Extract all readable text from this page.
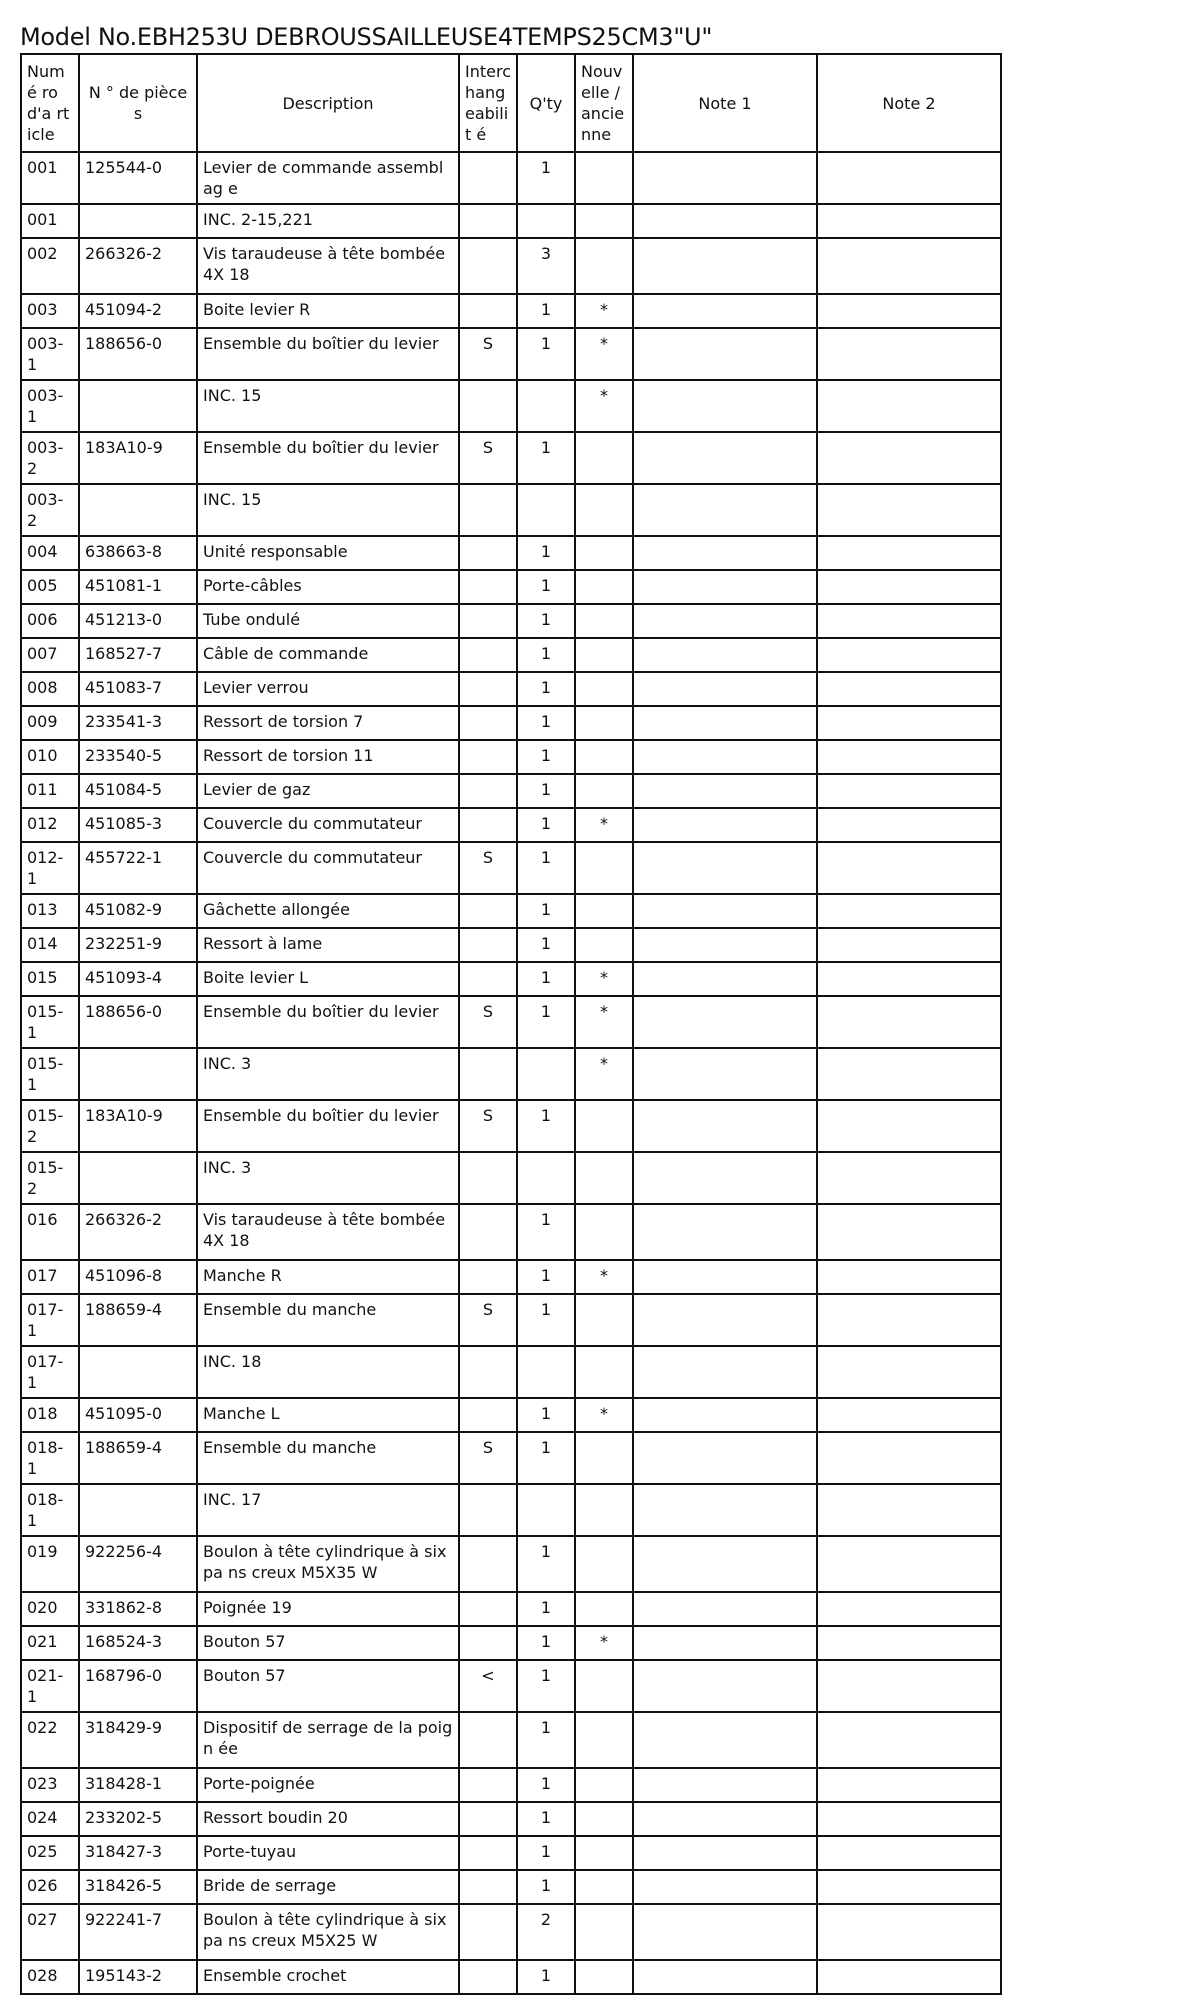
Model No.EBH253U DEBROUSSAILLEUSE4TEMPS25CM3"U"
Numé ro d'a rticle	N ° de pièces	Description	Interc hang eabilit é	Q'ty	Nouv elle / ancie nne	Note 1	Note 2
001	125544-0	Levier de commande assemblag e		1			
001		INC. 2-15,221					
002	266326-2	Vis taraudeuse à tête bombée 4X 18		3			
003	451094-2	Boite levier R		1	*		
003-1	188656-0	Ensemble du boîtier du levier	S	1	*		
003-1		INC. 15			*		
003-2	183A10-9	Ensemble du boîtier du levier	S	1			
003-2		INC. 15					
004	638663-8	Unité responsable		1			
005	451081-1	Porte-câbles		1			
006	451213-0	Tube ondulé		1			
007	168527-7	Câble de commande		1			
008	451083-7	Levier verrou		1			
009	233541-3	Ressort de torsion 7		1			
010	233540-5	Ressort de torsion 11		1			
011	451084-5	Levier de gaz		1			
012	451085-3	Couvercle du commutateur		1	*		
012-1	455722-1	Couvercle du commutateur	S	1			
013	451082-9	Gâchette allongée		1			
014	232251-9	Ressort à lame		1			
015	451093-4	Boite levier L		1	*		
015-1	188656-0	Ensemble du boîtier du levier	S	1	*		
015-1		INC. 3			*		
015-2	183A10-9	Ensemble du boîtier du levier	S	1			
015-2		INC. 3					
016	266326-2	Vis taraudeuse à tête bombée 4X 18		1			
017	451096-8	Manche R		1	*		
017-1	188659-4	Ensemble du manche	S	1			
017-1		INC. 18					
018	451095-0	Manche L		1	*		
018-1	188659-4	Ensemble du manche	S	1			
018-1		INC. 17					
019	922256-4	Boulon à tête cylindrique à six pa ns creux M5X35 W		1			
020	331862-8	Poignée 19		1			
021	168524-3	Bouton 57		1	*		
021-1	168796-0	Bouton 57	<	1			
022	318429-9	Dispositif de serrage de la poign ée		1			
023	318428-1	Porte-poignée		1			
024	233202-5	Ressort boudin 20		1			
025	318427-3	Porte-tuyau		1			
026	318426-5	Bride de serrage		1			
027	922241-7	Boulon à tête cylindrique à six pa ns creux M5X25 W		2			
028	195143-2	Ensemble crochet		1			
